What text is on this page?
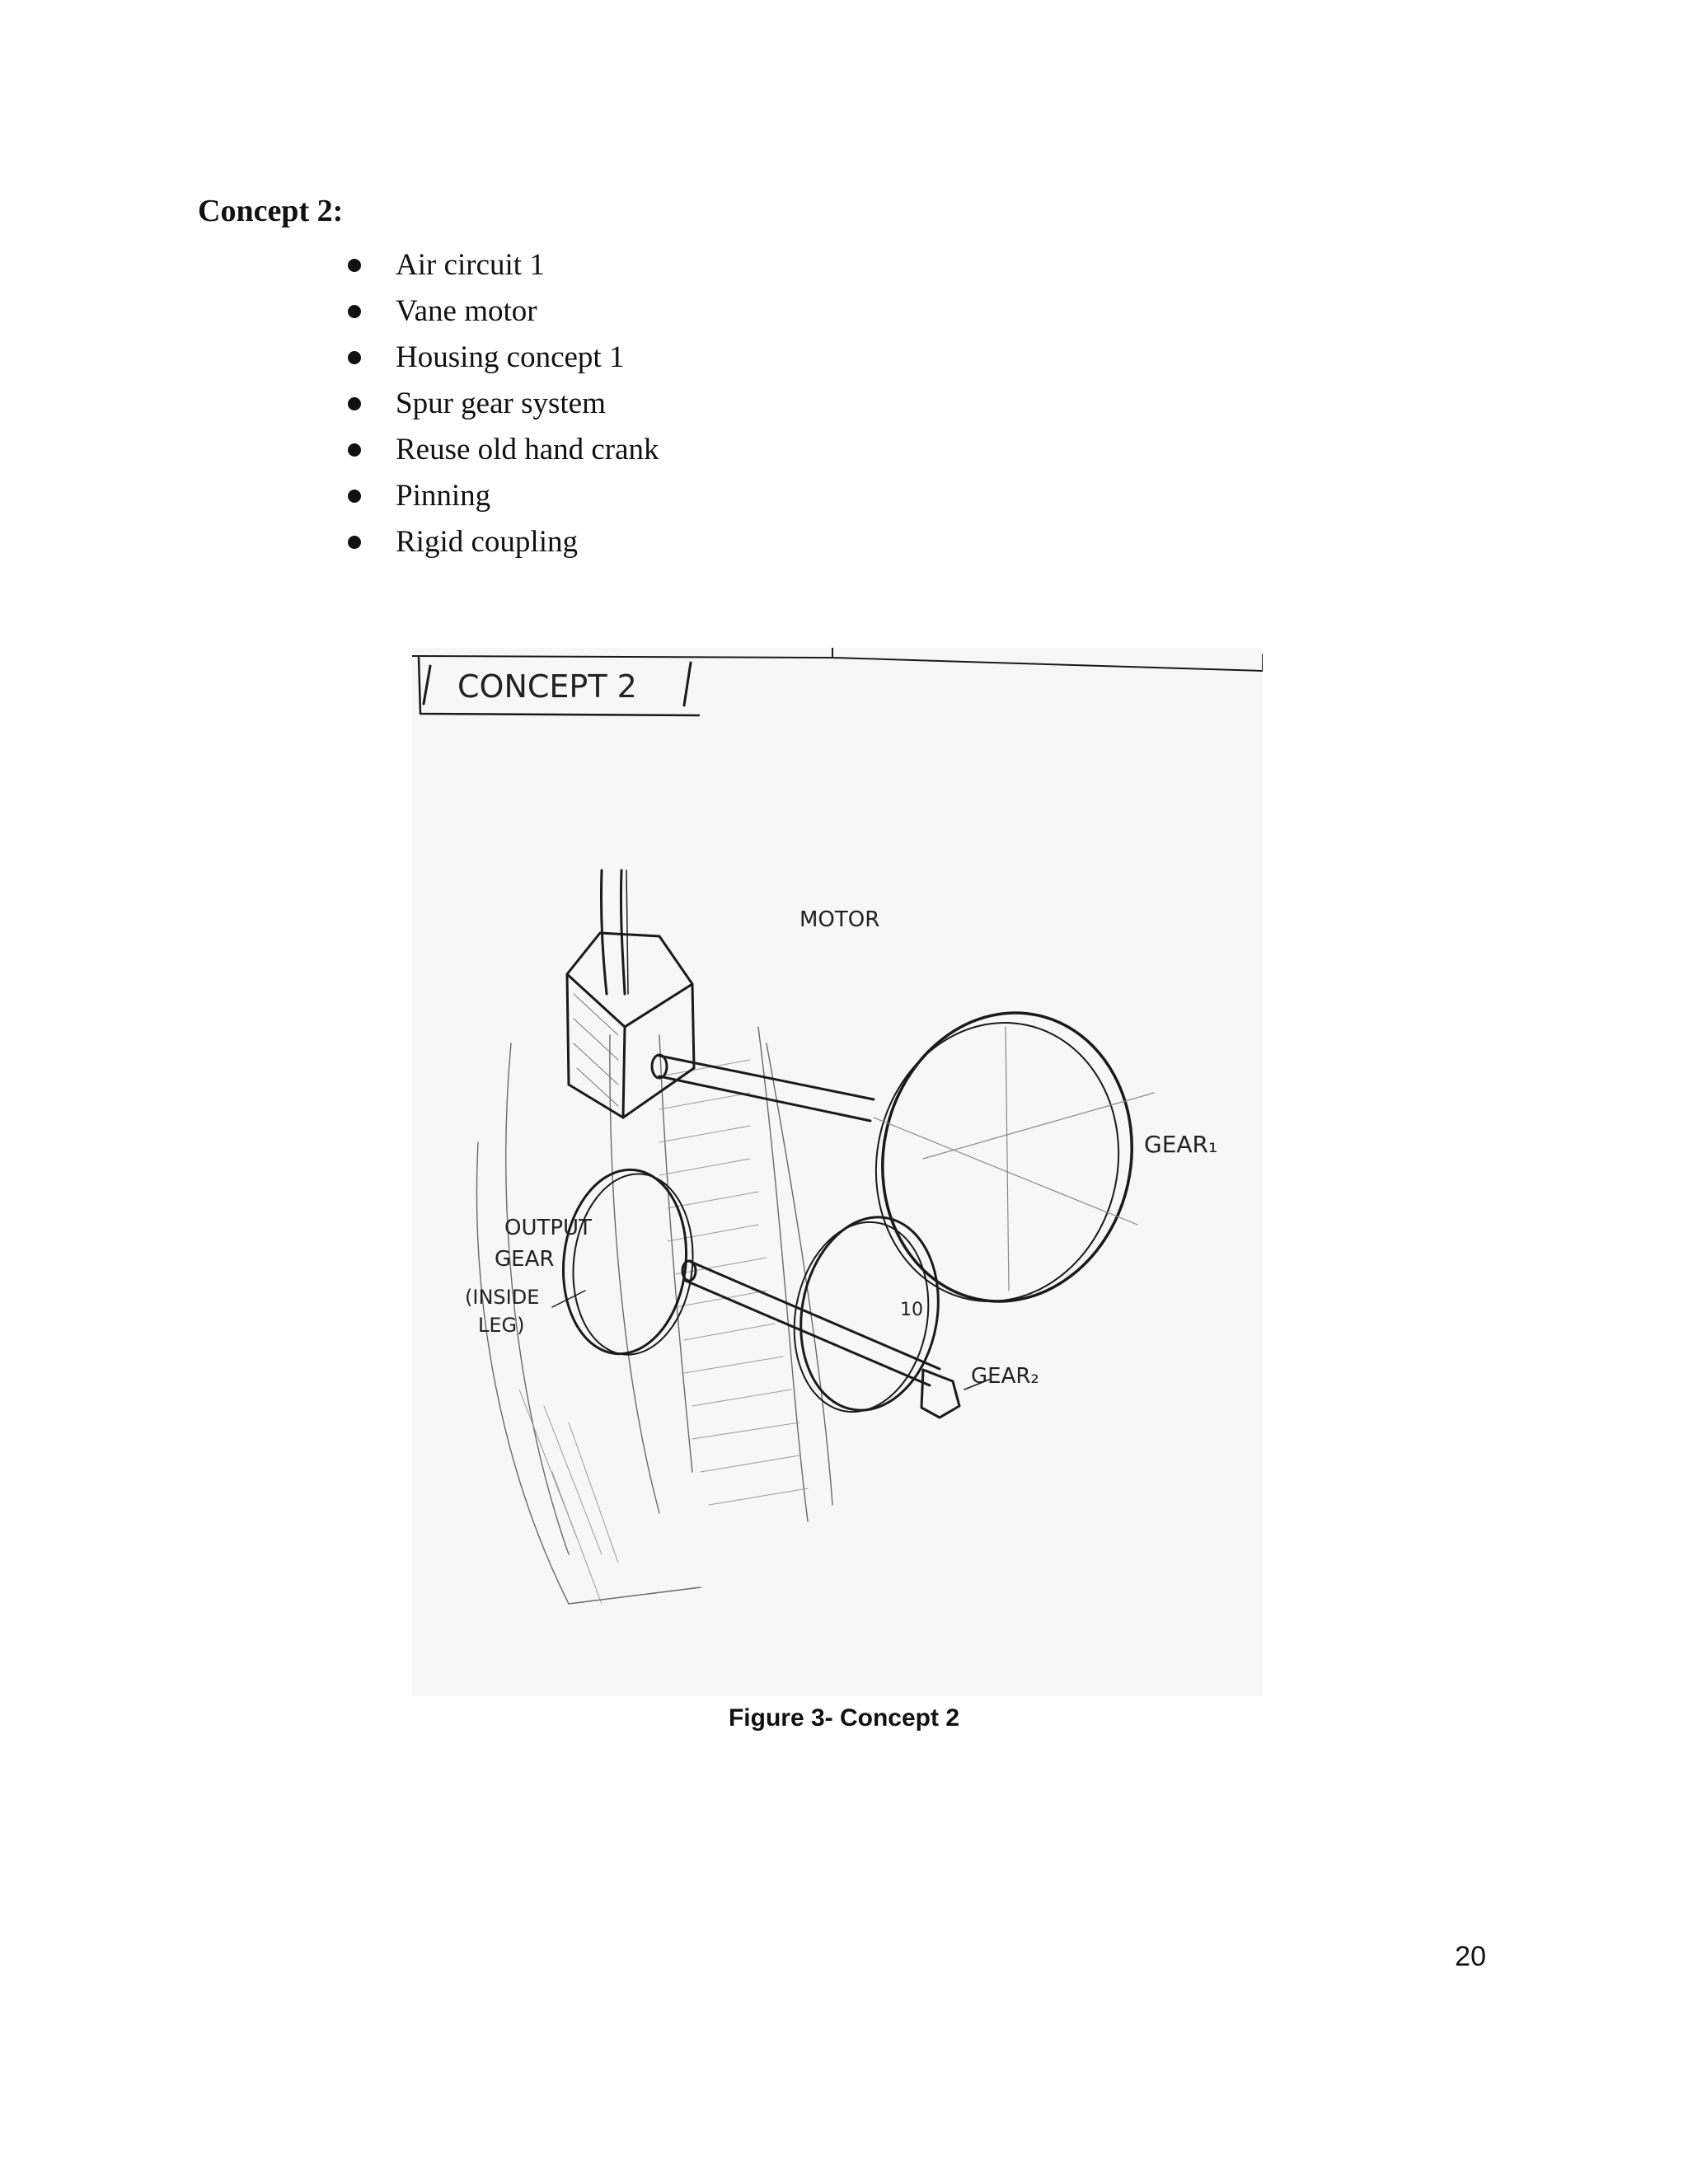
Concept 2:
Air circuit 1
Vane motor
Housing concept 1
Spur gear system
Reuse old hand crank
Pinning
Rigid coupling
CONCEPT 2
MOTOR
GEAR₁
OUTPUT
GEAR
(INSIDE
LEG)
GEAR₂
10
Figure 3- Concept 2
20
